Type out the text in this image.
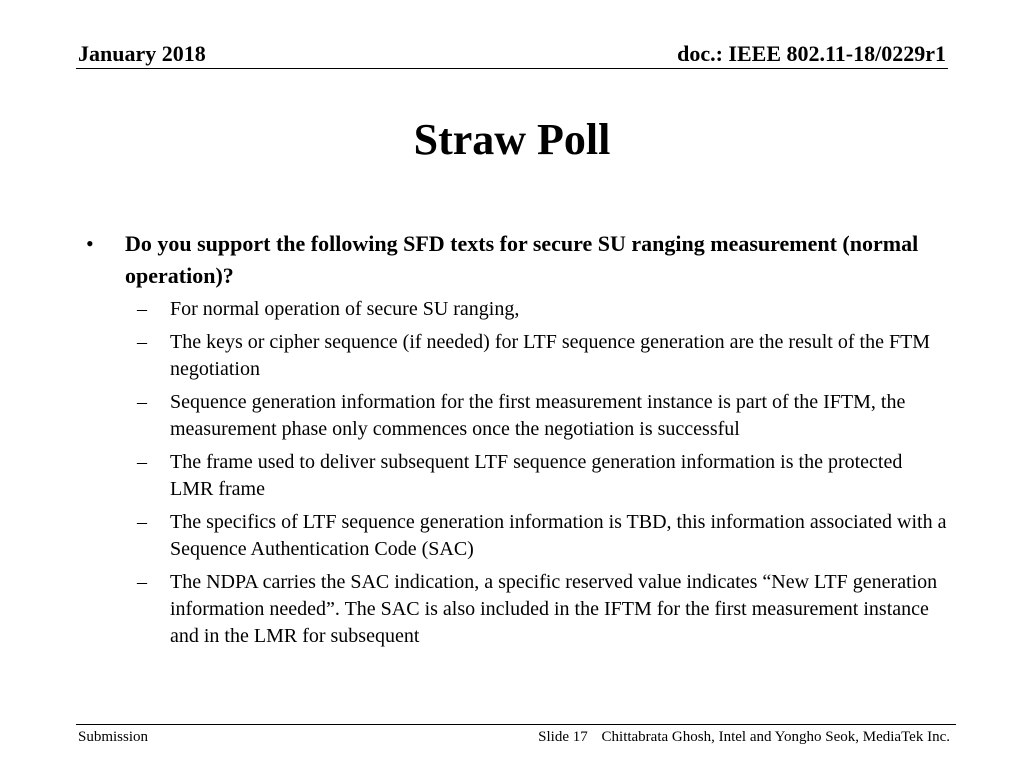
January 2018	doc.: IEEE 802.11-18/0229r1
Straw Poll
• Do you support the following SFD texts for secure SU ranging measurement (normal operation)?
– For normal operation of secure SU ranging,
– The keys or cipher sequence (if needed) for LTF sequence generation are the result of the FTM negotiation
– Sequence generation information for the first measurement instance is part of the IFTM, the measurement phase only commences once the negotiation is successful
– The frame used to deliver subsequent LTF sequence generation information is the protected LMR frame
– The specifics of LTF sequence generation information is TBD, this information associated with a Sequence Authentication Code (SAC)
– The NDPA carries the SAC indication, a specific reserved value indicates “New LTF generation information needed”. The SAC is also included in the IFTM for the first measurement instance and in the LMR for subsequent
Submission	Slide 17 Chittabrata Ghosh, Intel and Yongho Seok, MediaTek Inc.
